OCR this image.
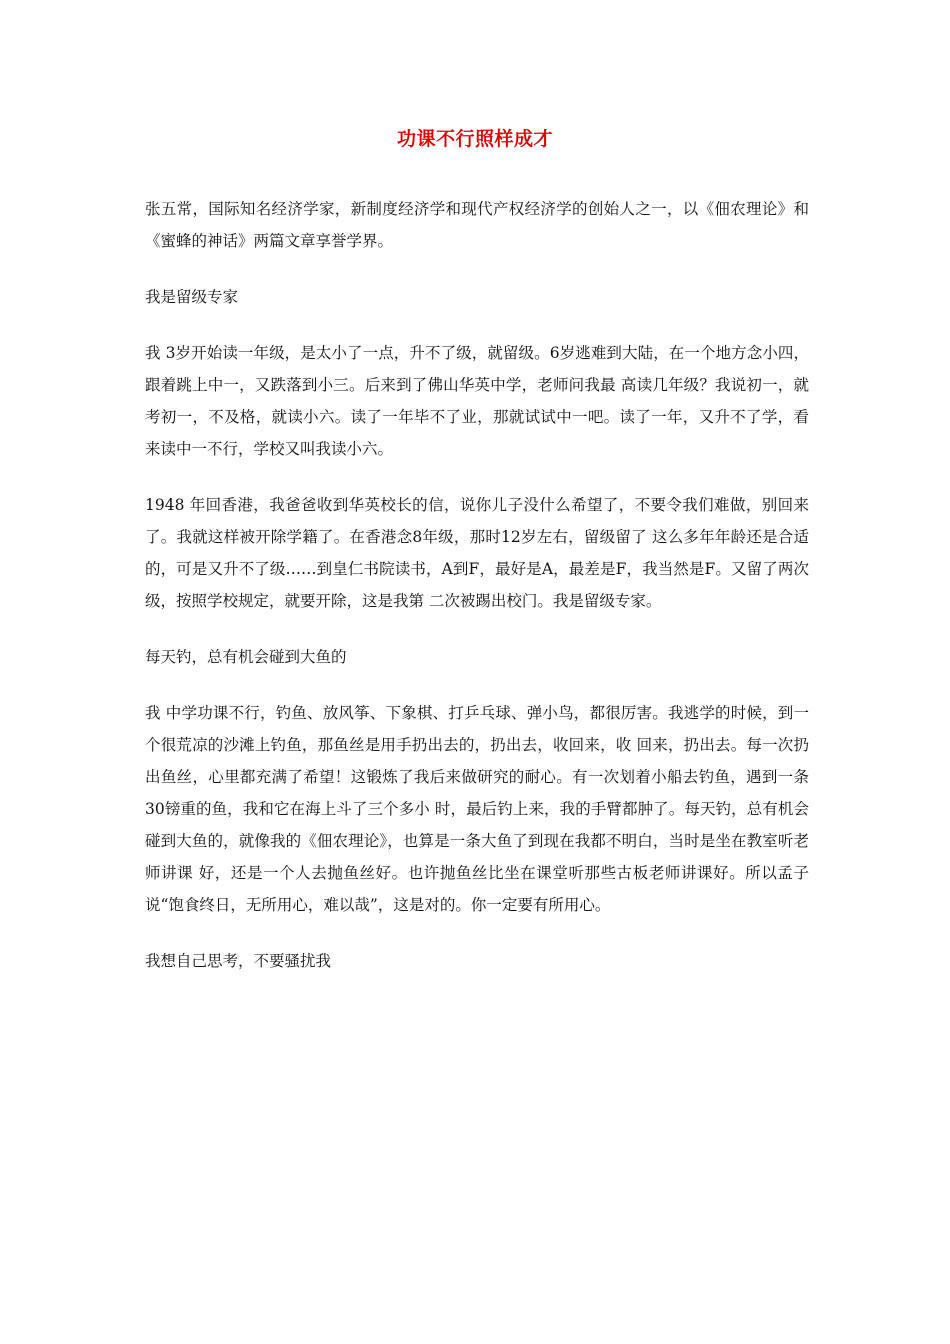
功课不行照样成才

张五常，国际知名经济学家，新制度经济学和现代产权经济学的创始人之一，以《佃农理论》和《蜜蜂的神话》两篇文章享誉学界。

我是留级专家

我 3岁开始读一年级，是太小了一点，升不了级，就留级。6岁逃难到大陆，在一个地方念小四，跟着跳上中一，又跌落到小三。后来到了佛山华英中学，老师问我最 高读几年级？我说初一，就考初一，不及格，就读小六。读了一年毕不了业，那就试试中一吧。读了一年，又升不了学，看来读中一不行，学校又叫我读小六。

1948 年回香港，我爸爸收到华英校长的信，说你儿子没什么希望了，不要令我们难做，别回来了。我就这样被开除学籍了。在香港念8年级，那时12岁左右，留级留了 这么多年年龄还是合适的，可是又升不了级……到皇仁书院读书，A到F，最好是A，最差是F，我当然是F。又留了两次级，按照学校规定，就要开除，这是我第 二次被踢出校门。我是留级专家。

每天钓，总有机会碰到大鱼的

我 中学功课不行，钓鱼、放风筝、下象棋、打乒乓球、弹小鸟，都很厉害。我逃学的时候，到一个很荒凉的沙滩上钓鱼，那鱼丝是用手扔出去的，扔出去，收回来，收 回来，扔出去。每一次扔出鱼丝，心里都充满了希望！这锻炼了我后来做研究的耐心。有一次划着小船去钓鱼，遇到一条30镑重的鱼，我和它在海上斗了三个多小 时，最后钓上来，我的手臂都肿了。每天钓，总有机会碰到大鱼的，就像我的《佃农理论》，也算是一条大鱼了到现在我都不明白，当时是坐在教室听老师讲课 好，还是一个人去抛鱼丝好。也许抛鱼丝比坐在课堂听那些古板老师讲课好。所以孟子说“饱食终日，无所用心，难以哉”，这是对的。你一定要有所用心。

我想自己思考，不要骚扰我
